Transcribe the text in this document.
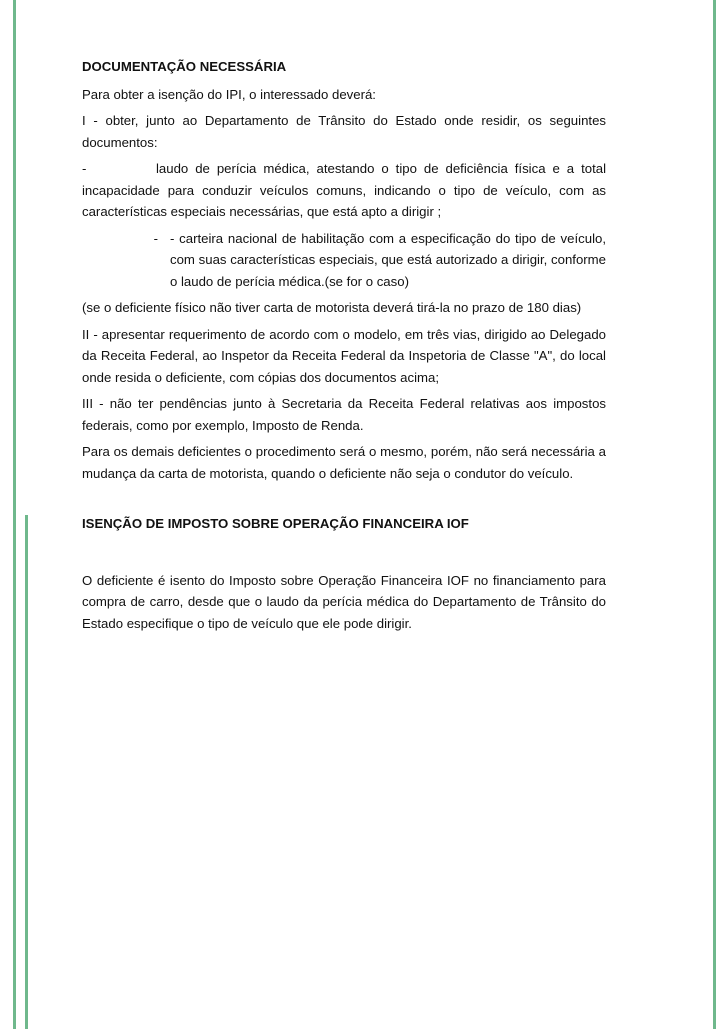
DOCUMENTAÇÃO NECESSÁRIA

Para obter a isenção do IPI, o interessado deverá:

I - obter, junto ao Departamento de Trânsito do Estado onde residir, os seguintes documentos:

-	laudo de perícia médica, atestando o tipo de deficiência física e a total incapacidade para conduzir veículos comuns, indicando o tipo de veículo, com as características especiais necessárias, que está apto a dirigir ;

- - carteira nacional de habilitação com a especificação do tipo de veículo, com suas características especiais, que está autorizado a dirigir, conforme o laudo de perícia médica.(se for o caso)

(se o deficiente físico não tiver carta de motorista deverá tirá-la no prazo de 180 dias)

II - apresentar requerimento de acordo com o modelo, em três vias, dirigido ao Delegado da Receita Federal, ao Inspetor da Receita Federal da Inspetoria de Classe "A", do local onde resida o deficiente, com cópias dos documentos acima;

III - não ter pendências junto à Secretaria da Receita Federal relativas aos impostos federais, como por exemplo, Imposto de Renda.

Para os demais deficientes o procedimento será o mesmo, porém, não será necessária a mudança da carta de motorista, quando o deficiente não seja o condutor do veículo.

ISENÇÃO DE IMPOSTO SOBRE OPERAÇÃO FINANCEIRA IOF

O deficiente é isento do Imposto sobre Operação Financeira IOF no financiamento para compra de carro, desde que o laudo da perícia médica do Departamento de Trânsito do Estado especifique o tipo de veículo que ele pode dirigir.
